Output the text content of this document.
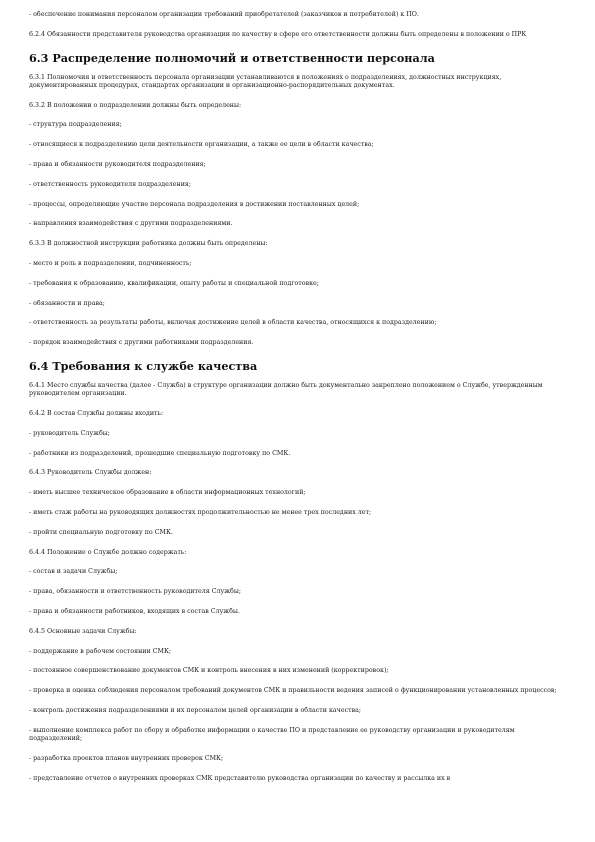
- обеспечение понимания персоналом организации требований приобретателей (заказчиков и потребителей) к ПО.

6.2.4 Обязанности представителя руководства организации по качеству в сфере его ответственности должны быть определены в положении о ПРК

6.3 Распределение полномочий и ответственности персонала

6.3.1 Полномочия и ответственность персонала организации устанавливаются в положениях о подразделениях, должностных инструкциях, документированных процедурах, стандартах организации и организационно-распорядительных документах.

6.3.2 В положении о подразделении должны быть определены:

- структура подразделения;

- относящиеся к подразделению цели деятельности организации, а также ее цели в области качества;

- права и обязанности руководителя подразделения;

- ответственность руководителя подразделения;

- процессы, определяющие участие персонала подразделения в достижении поставленных целей;

- направления взаимодействия с другими подразделениями.

6.3.3 В должностной инструкции работника должны быть определены:

- место и роль в подразделении, подчиненность;

- требования к образованию, квалификации, опыту работы и специальной подготовке;

- обязанности и права;

- ответственность за результаты работы, включая достижение целей в области качества, относящихся к подразделению;

- порядок взаимодействия с другими работниками подразделения.

6.4 Требования к службе качества

6.4.1 Место службы качества (далее - Служба) в структуре организации должно быть документально закреплено положением о Службе, утвержденным руководителем организации.

6.4.2 В состав Службы должны входить:

- руководитель Службы;

- работники из подразделений, прошедшие специальную подготовку по СМК.

6.4.3 Руководитель Службы должен:

- иметь высшее техническое образование в области информационных технологий;

- иметь стаж работы на руководящих должностях продолжительностью не менее трех последних лет;

- пройти специальную подготовку по СМК.

6.4.4 Положение о Службе должно содержать:

- состав и задачи Службы;

- права, обязанности и ответственность руководителя Службы;

- права и обязанности работников, входящих в состав Службы.

6.4.5 Основные задачи Службы:

- поддержание в рабочем состоянии СМК;

- постоянное совершенствование документов СМК и контроль внесения в них изменений (корректировок);

- проверка и оценка соблюдения персоналом требований документов СМК и правильности ведения записей о функционировании установленных процессов;

- контроль достижения подразделениями и их персоналом целей организации в области качества;

- выполнение комплекса работ по сбору и обработке информации о качестве ПО и представление ее руководству организации и руководителям подразделений;

- разработка проектов планов внутренних проверок СМК;

- представление отчетов о внутренних проверках СМК представителю руководства организации по качеству и рассылка их в
